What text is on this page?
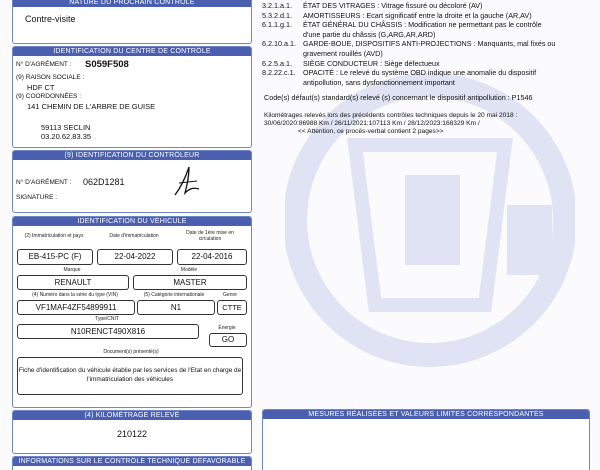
NATURE DU PROCHAIN CONTRÔLE
Contre-visite
IDENTIFICATION DU CENTRE DE CONTRÔLE
N° D'AGRÉMENT : S059F508
(9) RAISON SOCIALE :
HDF CT
(9) COORDONNÉES :
141 CHEMIN DE L'ARBRE DE GUISE
59113 SECLIN
03.20.62.83.35
(9) IDENTIFICATION DU CONTRÔLEUR
N° D'AGRÉMENT : 062D1281
SIGNATURE :
IDENTIFICATION DU VÉHICULE
(2) Immatriculation et pays	Date d'immatriculation	Date de 1ère mise en circulation
EB-415-PC (F)	22-04-2022	22-04-2016
Marque	Modèle
RENAULT	MASTER
(4) Numéro dans la série du type (VIN)	(5) Catégorie internationale	Genre
VF1MAF4ZF54899911	N1	CTTE
Type/CNIT
Énergie
N10RENCT490X816
GO
Document(s) présenté(s)
Fiche d'identification du véhicule établie par les services de l'Etat en charge de l'immatriculation des véhicules
(4) KILOMÉTRAGE RELEVÉ
210122
INFORMATIONS SUR LE CONTRÔLE TECHNIQUE DÉFAVORABLE
3.2.1.a.1. ÉTAT DES VITRAGES : Vitrage fissuré ou décoloré (AV)
5.3.2.d.1. AMORTISSEURS : Ecart significatif entre la droite et la gauche (AR,AV)
6.1.1.g.1. ÉTAT GÉNÉRAL DU CHÂSSIS : Modification ne permettant pas le contrôle
d'une partie du châssis (G,ARG,AR,ARD)
6.2.10.a.1. GARDE-BOUE, DISPOSITIFS ANTI-PROJECTIONS : Manquants, mal fixés ou
gravement rouillés (AVD)
6.2.5.a.1. SIÈGE CONDUCTEUR : Siège défectueux
8.2.22.c.1. OPACITÉ : Le relevé du système OBD indique une anomalie du dispositif
antipollution, sans dysfonctionnement important
Code(s) défaut(s) standard(s) relevé (s) concernant le dispositif antipollution : P1546
Kilométrages relevés lors des précédents contrôles techniques depuis le 20 mai 2018 :
30/06/2020:86988 Km / 26/11/2021:107113 Km / 28/12/2023:168329 Km /
<< Attention, ce procès-verbal contient 2 pages>>
MESURES RÉALISÉES ET VALEURS LIMITES CORRESPONDANTES
